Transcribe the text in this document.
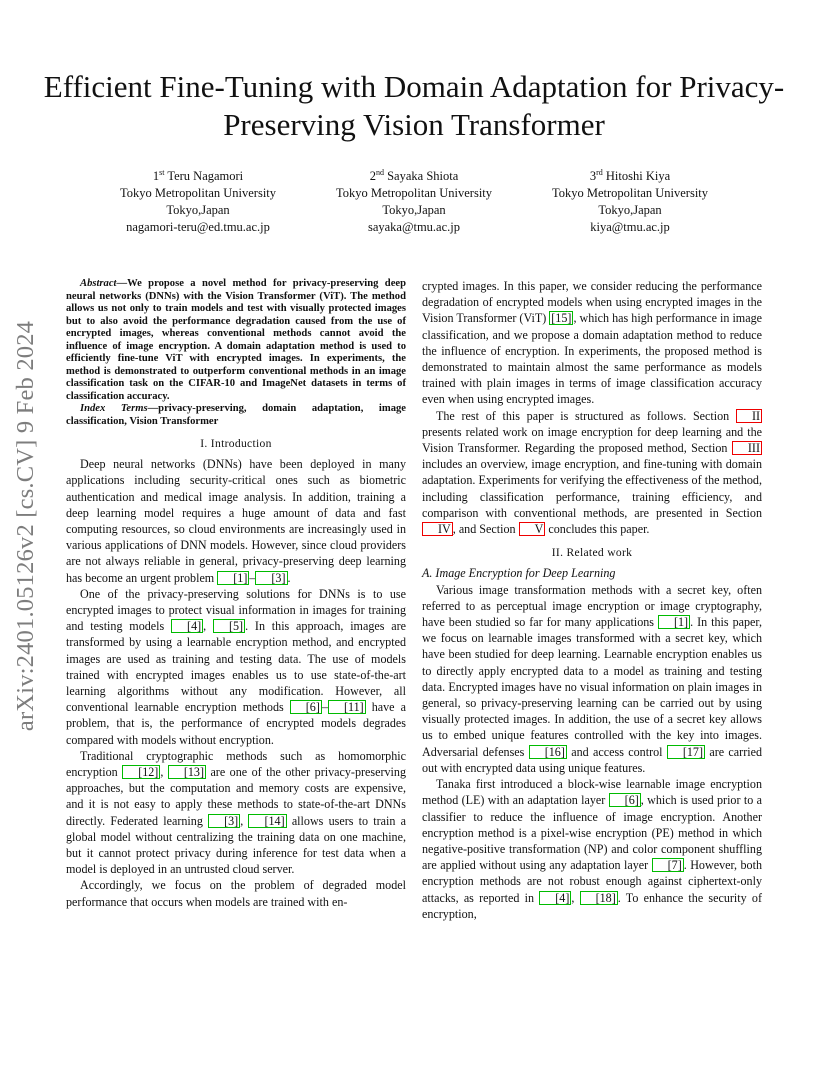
arXiv:2401.05126v2 [cs.CV] 9 Feb 2024
Efficient Fine-Tuning with Domain Adaptation for Privacy-Preserving Vision Transformer
1st Teru Nagamori
Tokyo Metropolitan University
Tokyo,Japan
nagamori-teru@ed.tmu.ac.jp
2nd Sayaka Shiota
Tokyo Metropolitan University
Tokyo,Japan
sayaka@tmu.ac.jp
3rd Hitoshi Kiya
Tokyo Metropolitan University
Tokyo,Japan
kiya@tmu.ac.jp

Abstract—We propose a novel method for privacy-preserving deep neural networks (DNNs) with the Vision Transformer (ViT). The method allows us not only to train models and test with visually protected images but to also avoid the performance degradation caused from the use of encrypted images, whereas conventional methods cannot avoid the influence of image encryption. A domain adaptation method is used to efficiently fine-tune ViT with encrypted images. In experiments, the method is demonstrated to outperform conventional methods in an image classification task on the CIFAR-10 and ImageNet datasets in terms of classification accuracy.

Index Terms—privacy-preserving, domain adaptation, image classification, Vision Transformer

I. Introduction

Deep neural networks (DNNs) have been deployed in many applications including security-critical ones such as biometric authentication and medical image analysis. In addition, training a deep learning model requires a huge amount of data and fast computing resources, so cloud environments are increasingly used in various applications of DNN models. However, since cloud providers are not always reliable in general, privacy-preserving deep learning has become an urgent problem [1] – [3] .

One of the privacy-preserving solutions for DNNs is to use encrypted images to protect visual information in images for training and testing models [4] , [5] . In this approach, images are transformed by using a learnable encryption method, and encrypted images are used as training and testing data. The use of models trained with encrypted images enables us to use state-of-the-art learning algorithms without any modification. However, all conventional learnable encryption methods [6] – [11] have a problem, that is, the performance of encrypted models degrades compared with models without encryption.

Traditional cryptographic methods such as homomorphic encryption [12] , [13] are one of the other privacy-preserving approaches, but the computation and memory costs are expensive, and it is not easy to apply these methods to state-of-the-art DNNs directly. Federated learning [3] , [14] allows users to train a global model without centralizing the training data on one machine, but it cannot protect privacy during inference for test data when a model is deployed in an untrusted cloud server.

Accordingly, we focus on the problem of degraded model performance that occurs when models are trained with en-

crypted images. In this paper, we consider reducing the performance degradation of encrypted models when using encrypted images in the Vision Transformer (ViT) [15] , which has high performance in image classification, and we propose a domain adaptation method to reduce the influence of encryption. In experiments, the proposed method is demonstrated to maintain almost the same performance as models trained with plain images in terms of image classification accuracy even when using encrypted images.

The rest of this paper is structured as follows. Section II presents related work on image encryption for deep learning and the Vision Transformer. Regarding the proposed method, Section III includes an overview, image encryption, and fine-tuning with domain adaptation. Experiments for verifying the effectiveness of the method, including classification performance, training efficiency, and comparison with conventional methods, are presented in Section IV , and Section V concludes this paper.

II. Related work

A. Image Encryption for Deep Learning

Various image transformation methods with a secret key, often referred to as perceptual image encryption or image cryptography, have been studied so far for many applications [1] . In this paper, we focus on learnable images transformed with a secret key, which have been studied for deep learning. Learnable encryption enables us to directly apply encrypted data to a model as training and testing data. Encrypted images have no visual information on plain images in general, so privacy-preserving learning can be carried out by using visually protected images. In addition, the use of a secret key allows us to embed unique features controlled with the key into images. Adversarial defenses [16] and access control [17] are carried out with encrypted data using unique features.

Tanaka first introduced a block-wise learnable image encryption method (LE) with an adaptation layer [6] , which is used prior to a classifier to reduce the influence of image encryption. Another encryption method is a pixel-wise encryption (PE) method in which negative-positive transformation (NP) and color component shuffling are applied without using any adaptation layer [7] . However, both encryption methods are not robust enough against ciphertext-only attacks, as reported in [4] , [18] . To enhance the security of encryption,
